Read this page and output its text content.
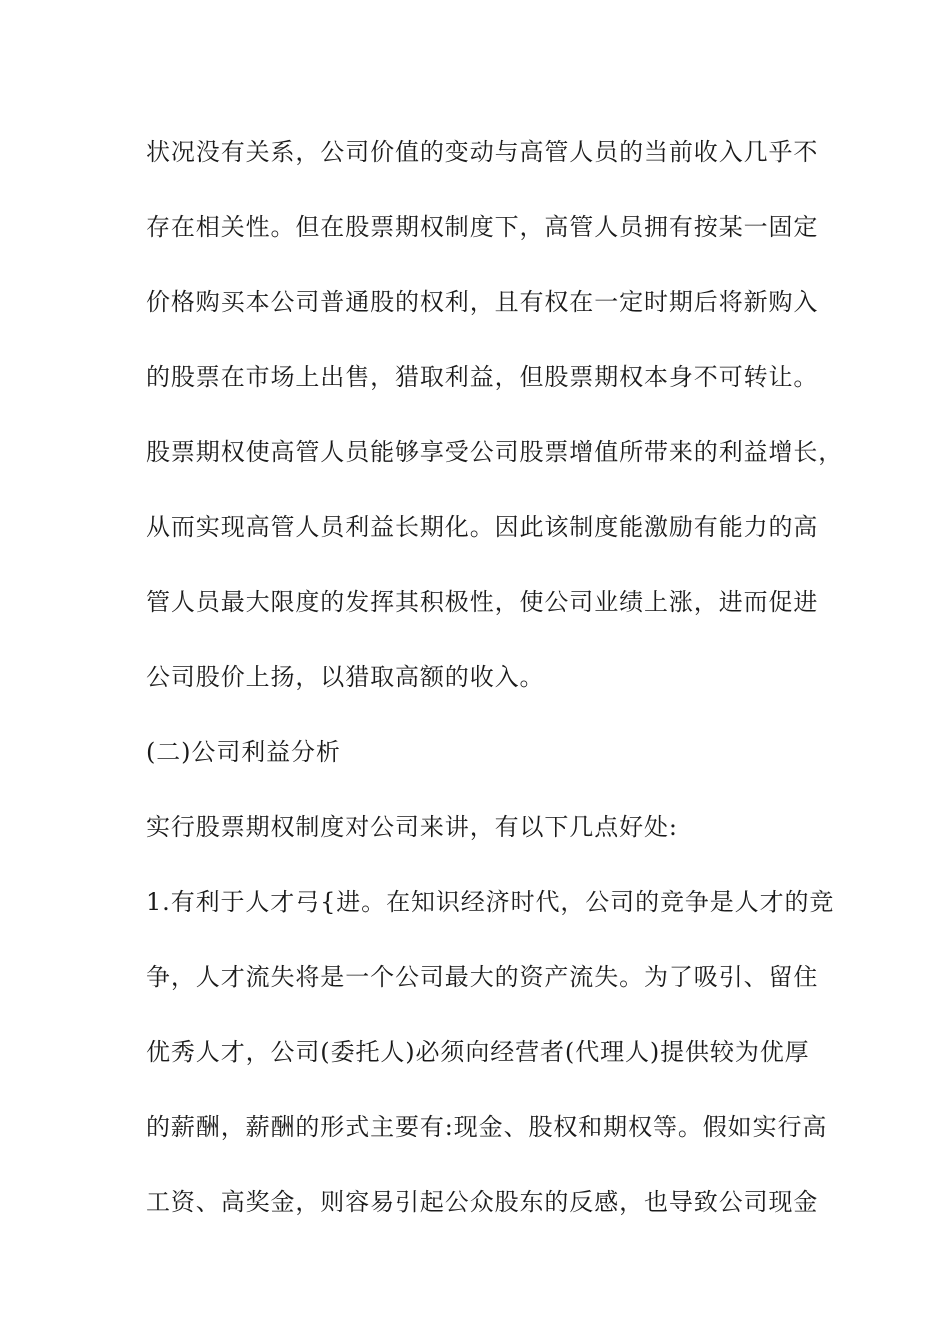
状况没有关系，公司价值的变动与高管人员的当前收入几乎不
存在相关性。但在股票期权制度下，高管人员拥有按某一固定
价格购买本公司普通股的权利，且有权在一定时期后将新购入
的股票在市场上出售，猎取利益，但股票期权本身不可转让。
股票期权使高管人员能够享受公司股票增值所带来的利益增长，
从而实现高管人员利益长期化。因此该制度能激励有能力的高
管人员最大限度的发挥其积极性，使公司业绩上涨，进而促进
公司股价上扬，以猎取高额的收入。
(二)公司利益分析
实行股票期权制度对公司来讲，有以下几点好处:
1.有利于人才弓{进。在知识经济时代，公司的竞争是人才的竞
争，人才流失将是一个公司最大的资产流失。为了吸引、留住
优秀人才，公司(委托人)必须向经营者(代理人)提供较为优厚
的薪酬，薪酬的形式主要有:现金、股权和期权等。假如实行高
工资、高奖金，则容易引起公众股东的反感，也导致公司现金
